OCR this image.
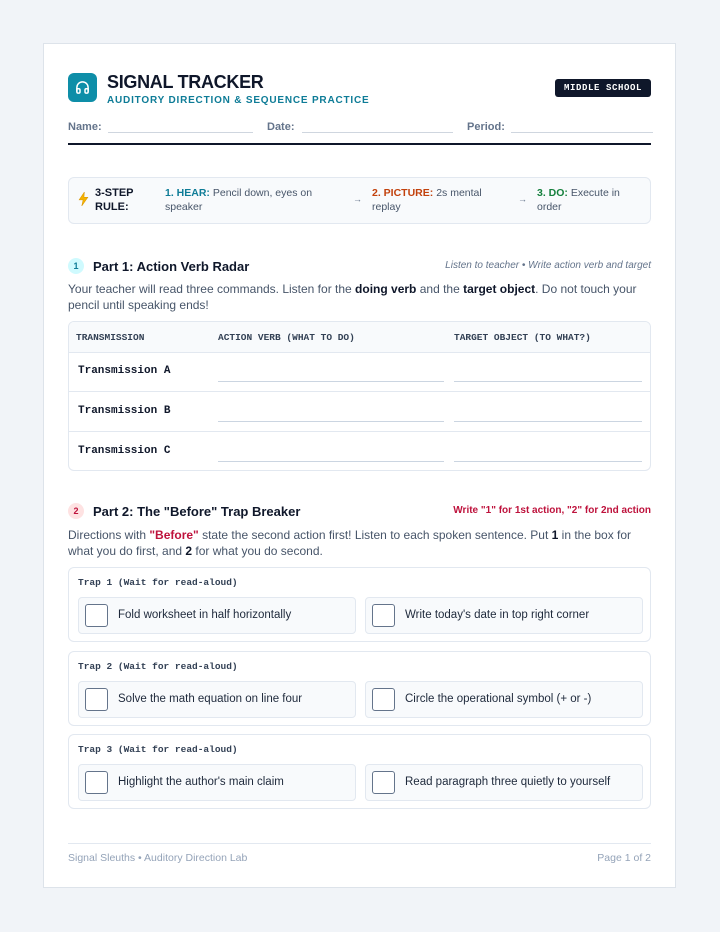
SIGNAL TRACKER
AUDITORY DIRECTION & SEQUENCE PRACTICE
MIDDLE SCHOOL
Name:	Date:	Period:
3-STEP
RULE:
1. HEAR: Pencil down, eyes on speaker
→ 2. PICTURE: 2s mental replay
→ 3. DO: Execute in order
1	Part 1: Action Verb Radar	Listen to teacher • Write action verb and target
Your teacher will read three commands. Listen for the doing verb and the target object. Do not touch your pencil until speaking ends!
TRANSMISSION	ACTION VERB (WHAT TO DO)	TARGET OBJECT (TO WHAT?)
Transmission A
Transmission B
Transmission C
2	Part 2: The "Before" Trap Breaker	Write "1" for 1st action, "2" for 2nd action
Directions with "Before" state the second action first! Listen to each spoken sentence. Put 1 in the box for what you do first, and 2 for what you do second.
Trap 1 (Wait for read-aloud)
Fold worksheet in half horizontally	Write today's date in top right corner
Trap 2 (Wait for read-aloud)
Solve the math equation on line four	Circle the operational symbol (+ or -)
Trap 3 (Wait for read-aloud)
Highlight the author's main claim	Read paragraph three quietly to yourself
Signal Sleuths • Auditory Direction Lab	Page 1 of 2
